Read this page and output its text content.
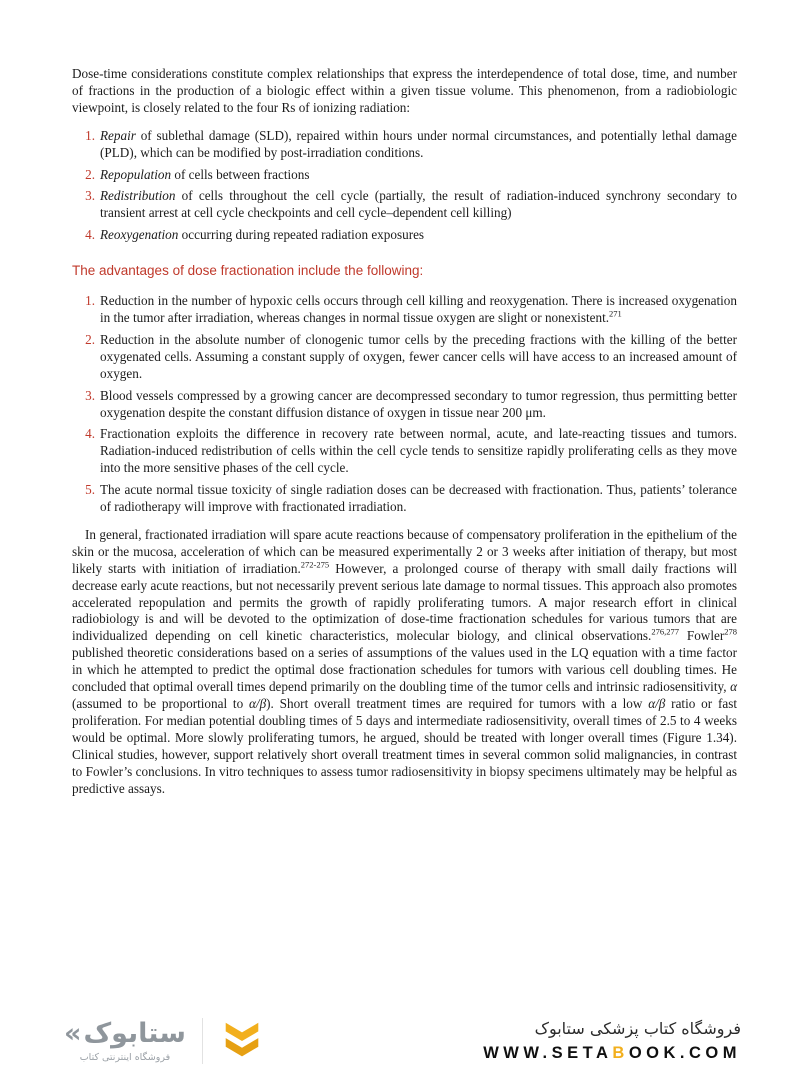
Dose-time considerations constitute complex relationships that express the interdependence of total dose, time, and number of fractions in the production of a biologic effect within a given tissue volume. This phenomenon, from a radiobiologic viewpoint, is closely related to the four Rs of ionizing radiation:

1. Repair of sublethal damage (SLD), repaired within hours under normal circumstances, and potentially lethal damage (PLD), which can be modified by post-irradiation conditions.
2. Repopulation of cells between fractions
3. Redistribution of cells throughout the cell cycle (partially, the result of radiation-induced synchrony secondary to transient arrest at cell cycle checkpoints and cell cycle–dependent cell killing)
4. Reoxygenation occurring during repeated radiation exposures
The advantages of dose fractionation include the following:
1. Reduction in the number of hypoxic cells occurs through cell killing and reoxygenation. There is increased oxygenation in the tumor after irradiation, whereas changes in normal tissue oxygen are slight or nonexistent.$^{271}$
2. Reduction in the absolute number of clonogenic tumor cells by the preceding fractions with the killing of the better oxygenated cells. Assuming a constant supply of oxygen, fewer cancer cells will have access to an increased amount of oxygen.
3. Blood vessels compressed by a growing cancer are decompressed secondary to tumor regression, thus permitting better oxygenation despite the constant diffusion distance of oxygen in tissue near 200 μm.
4. Fractionation exploits the difference in recovery rate between normal, acute, and late-reacting tissues and tumors. Radiation-induced redistribution of cells within the cell cycle tends to sensitize rapidly proliferating cells as they move into the more sensitive phases of the cell cycle.
5. The acute normal tissue toxicity of single radiation doses can be decreased with fractionation. Thus, patients’ tolerance of radiotherapy will improve with fractionated irradiation.

In general, fractionated irradiation will spare acute reactions because of compensatory proliferation in the epithelium of the skin or the mucosa, acceleration of which can be measured experimentally 2 or 3 weeks after initiation of therapy, but most likely starts with initiation of irradiation.$^{272-275}$ However, a prolonged course of therapy with small daily fractions will decrease early acute reactions, but not necessarily prevent serious late damage to normal tissues. This approach also promotes accelerated repopulation and permits the growth of rapidly proliferating tumors. A major research effort in clinical radiobiology is and will be devoted to the optimization of dose-time fractionation schedules for various tumors that are individualized depending on cell kinetic characteristics, molecular biology, and clinical observations.$^{276,277}$ Fowler$^{278}$ published theoretic considerations based on a series of assumptions of the values used in the LQ equation with a time factor in which he attempted to predict the optimal dose fractionation schedules for tumors with various cell doubling times. He concluded that optimal overall times depend primarily on the doubling time of the tumor cells and intrinsic radiosensitivity, α (assumed to be proportional to α/β). Short overall treatment times are required for tumors with a low α/β ratio or fast proliferation. For median potential doubling times of 5 days and intermediate radiosensitivity, overall times of 2.5 to 4 weeks would be optimal. More slowly proliferating tumors, he argued, should be treated with longer overall times (Figure 1.34). Clinical studies, however, support relatively short overall treatment times in several common solid malignancies, in contrast to Fowler’s conclusions. In vitro techniques to assess tumor radiosensitivity in biopsy specimens ultimately may be helpful as predictive assays.

«ستابوک
فروشگاه اینترنتی کتاب
فروشگاه کتاب پزشکی ستابوک
WWW.SETABOOK.COM
